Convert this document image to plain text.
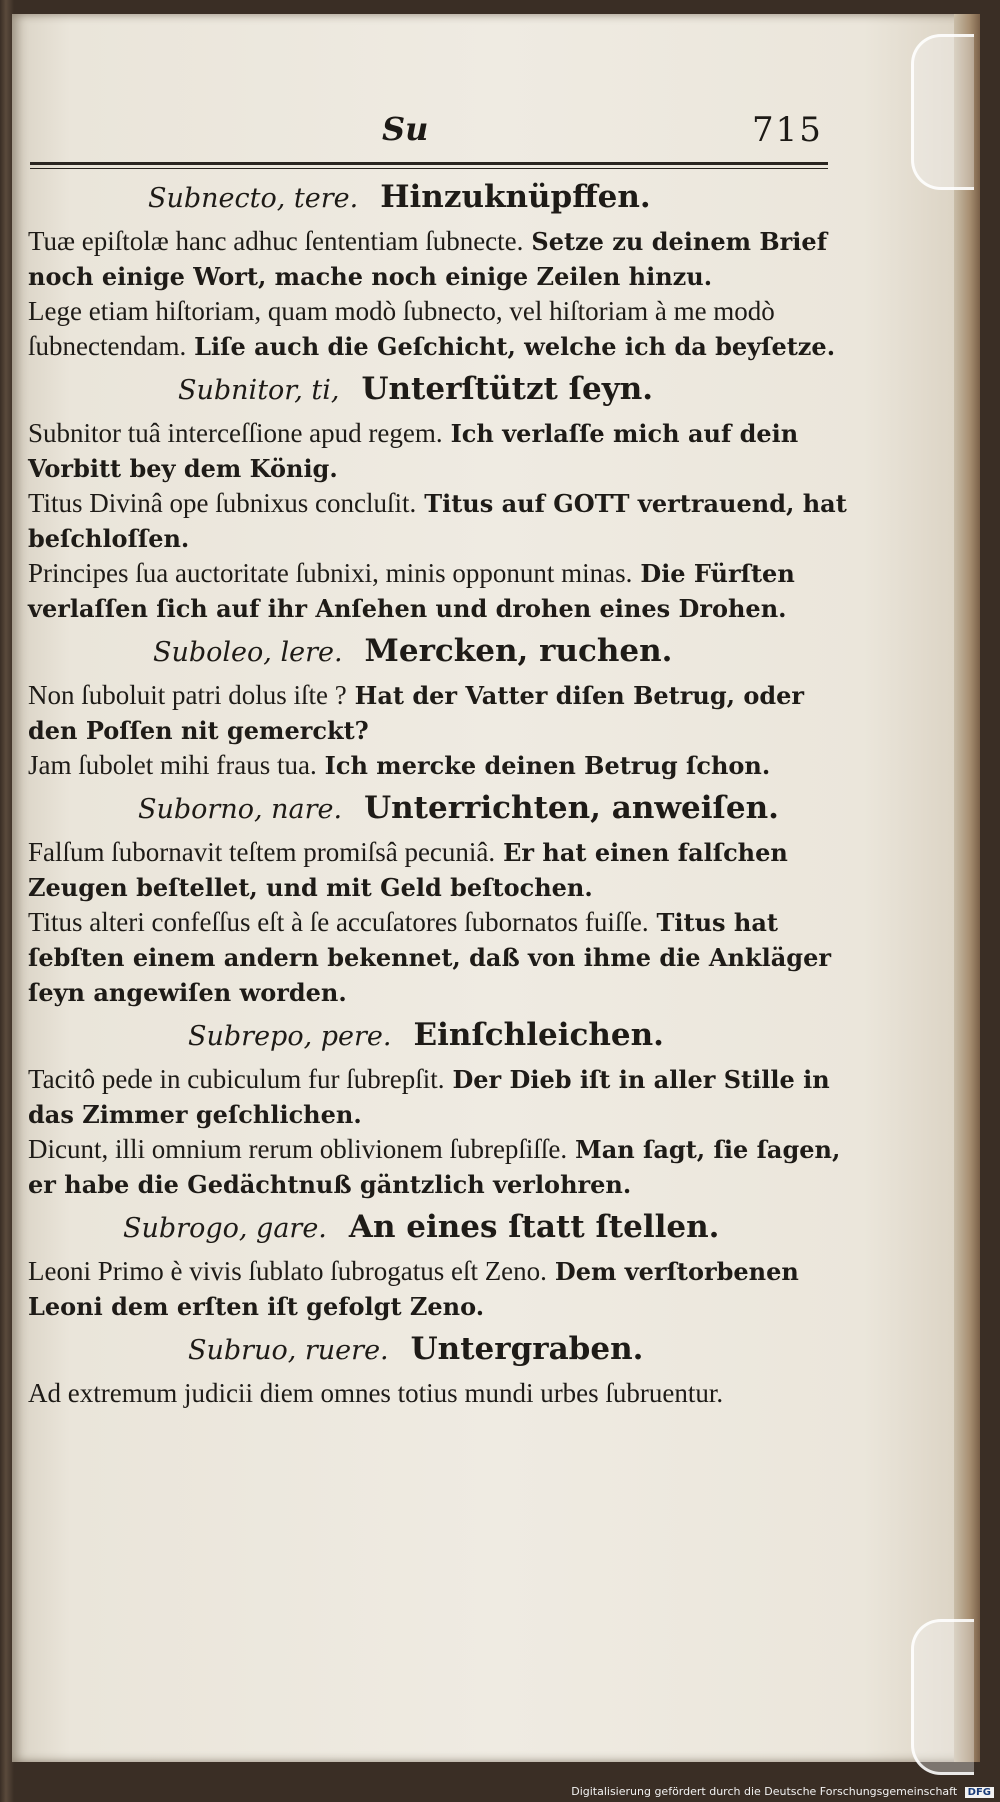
Su	715
Subnecto, tere. Hinzuknüpffen.

Tuæ epiſtolæ hanc adhuc ſententiam ſubnecte. Setze zu deinem Brief noch einige Wort, mache noch einige Zeilen hinzu.

Lege etiam hiſtoriam, quam modò ſubnecto, vel hiſtoriam à me modò ſubnectendam. Liſe auch die Geſchicht, welche ich da beyſetze.

Subnitor, ti, Unterſtützt ſeyn.

Subnitor tuâ interceſſione apud regem. Ich verlaſſe mich auf dein Vorbitt bey dem König.

Titus Divinâ ope ſubnixus concluſit. Titus auf GOTT vertrauend, hat beſchloſſen.

Principes ſua auctoritate ſubnixi, minis opponunt minas. Die Fürſten verlaſſen ſich auf ihr Anſehen und drohen eines Drohen.

Suboleo, lere. Mercken, ruchen.

Non ſuboluit patri dolus iſte ? Hat der Vatter diſen Betrug, oder den Poſſen nit gemerckt?

Jam ſubolet mihi fraus tua. Ich mercke deinen Betrug ſchon.

Suborno, nare. Unterrichten, anweiſen.

Falſum ſubornavit teſtem promiſsâ pecuniâ. Er hat einen falſchen Zeugen beſtellet, und mit Geld beſtochen.

Titus alteri confeſſus eſt à ſe accuſatores ſubornatos fuiſſe. Titus hat ſebſten einem andern bekennet, daß von ihme die Ankläger ſeyn angewiſen worden.

Subrepo, pere. Einſchleichen.

Tacitô pede in cubiculum fur ſubrepſit. Der Dieb iſt in aller Stille in das Zimmer geſchlichen.

Dicunt, illi omnium rerum oblivionem ſubrepſiſſe. Man ſagt, ſie ſagen, er habe die Gedächtnuß gäntzlich verlohren.

Subrogo, gare. An eines ſtatt ſtellen.

Leoni Primo è vivis ſublato ſubrogatus eſt Zeno. Dem verſtorbenen Leoni dem erſten iſt gefolgt Zeno.

Subruo, ruere. Untergraben.

Ad extremum judicii diem omnes totius mundi urbes ſubruentur.

Digitalisierung gefördert durch die Deutsche Forschungsgemeinschaft DFG
